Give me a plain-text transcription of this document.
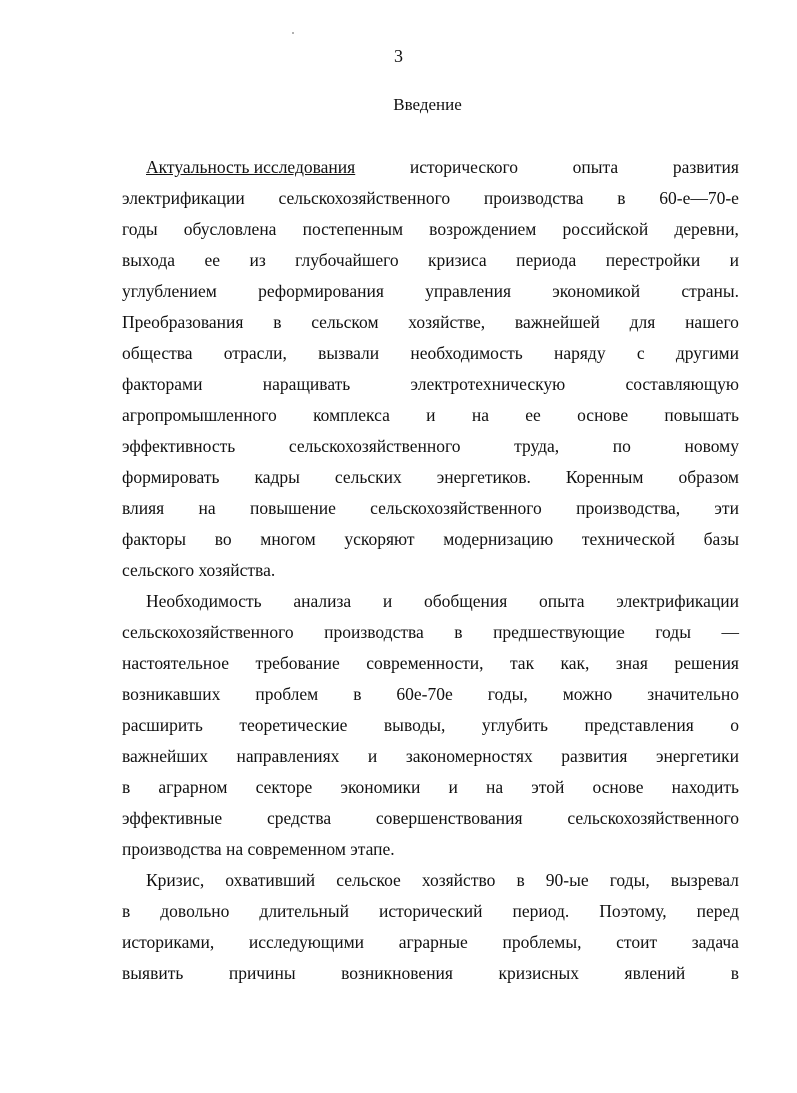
3
Введение
Актуальность исследования	исторического	опыта	развития
электрификации сельскохозяйственного производства в 60-е—70-е
годы обусловлена постепенным возрождением российской деревни,
выхода ее из глубочайшего кризиса периода перестройки и
углублением реформирования управления экономикой страны.
Преобразования в сельском хозяйстве, важнейшей для нашего
общества отрасли, вызвали необходимость наряду с другими
факторами	наращивать	электротехническую	составляющую
агропромышленного комплекса и на ее основе повышать
эффективность	сельскохозяйственного	труда,	по	новому
формировать кадры сельских энергетиков. Коренным образом
влияя на повышение сельскохозяйственного производства, эти
факторы во многом ускоряют модернизацию технической базы
сельского хозяйства.
Необходимость анализа и обобщения опыта электрификации
сельскохозяйственного производства в предшествующие годы —
настоятельное требование современности, так как, зная решения
возникавших проблем в 60е-70е годы, можно значительно
расширить теоретические выводы, углубить представления о
важнейших направлениях и закономерностях развития энергетики
в аграрном секторе экономики и на этой основе находить
эффективные	средства	совершенствования	сельскохозяйственного
производства на современном этапе.
Кризис, охвативший сельское хозяйство в 90-ые годы, вызревал
в довольно длительный исторический период. Поэтому, перед
историками, исследующими аграрные проблемы, стоит задача
выявить	причины	возникновения	кризисных	явлений	в
